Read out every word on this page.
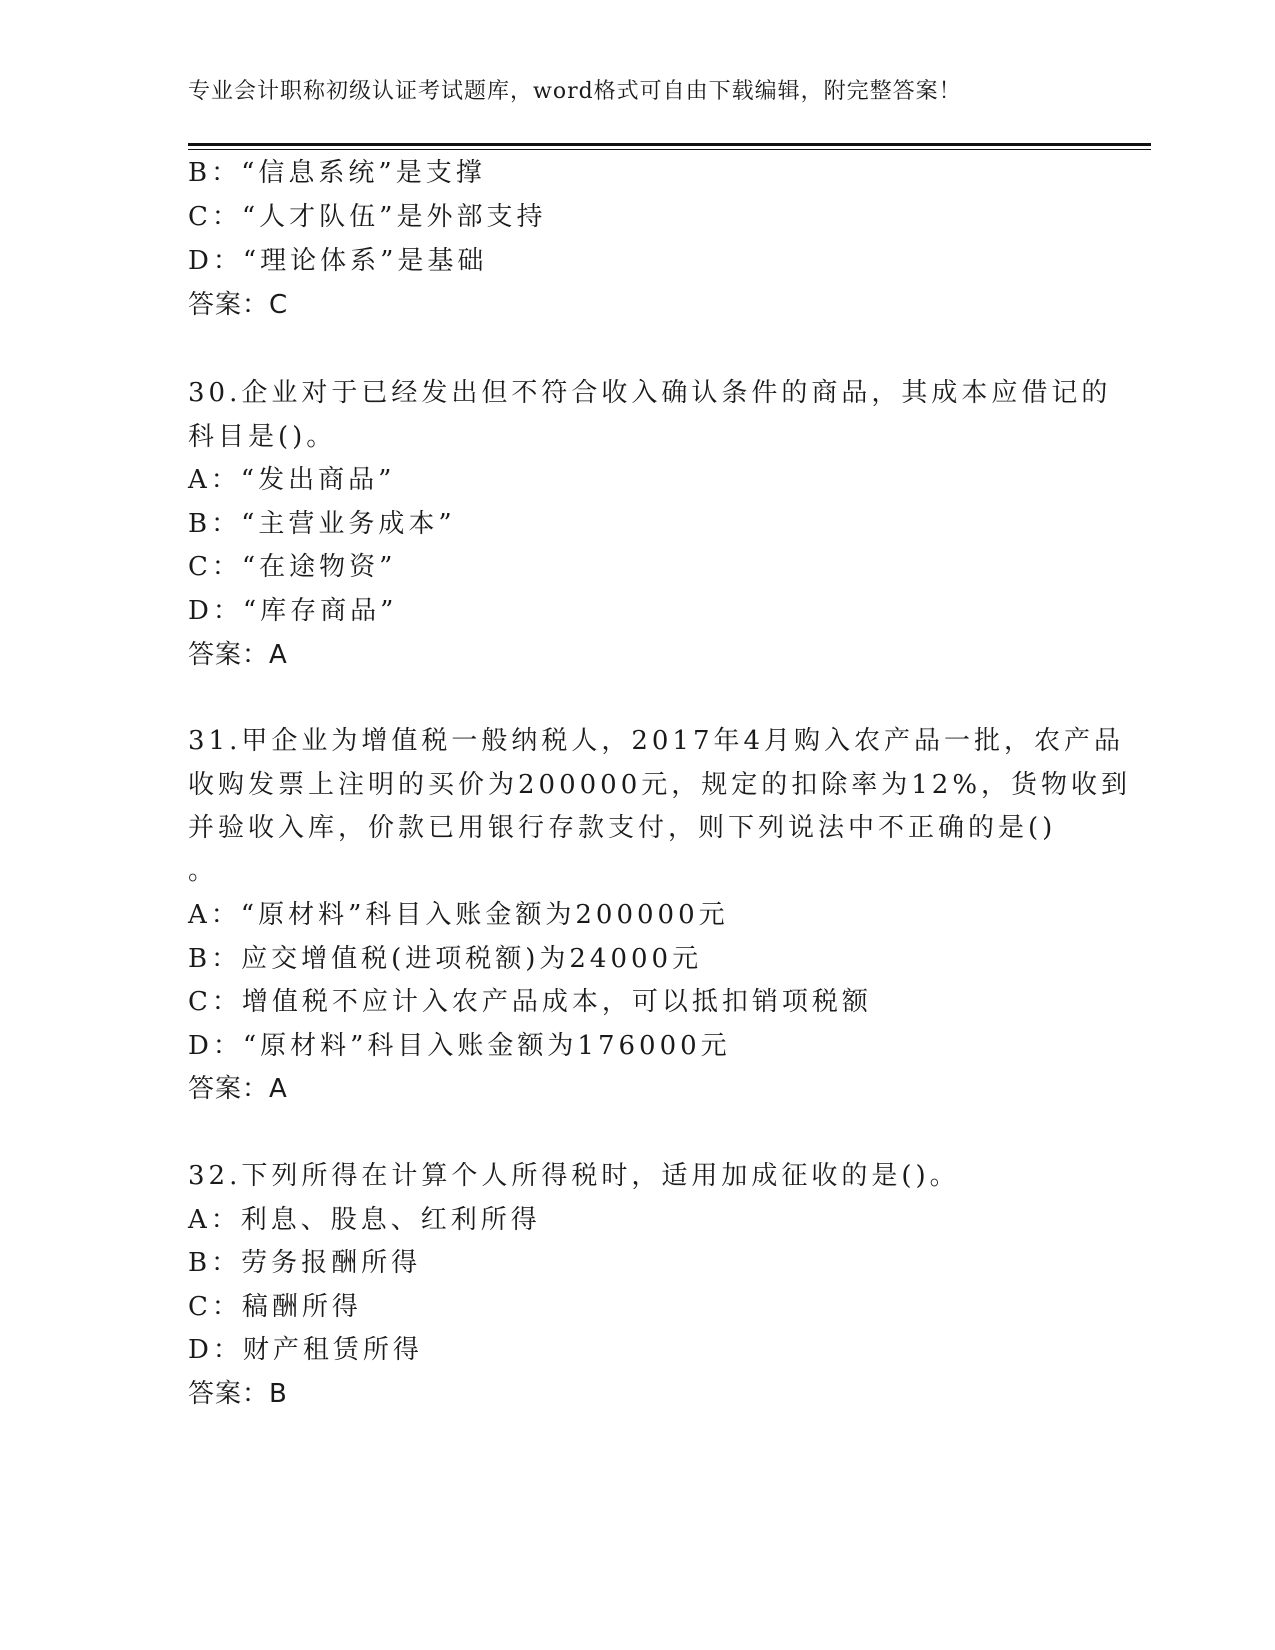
专业会计职称初级认证考试题库，word格式可自由下载编辑，附完整答案！
B：“信息系统”是支撑
C：“人才队伍”是外部支持
D：“理论体系”是基础
答案：C
30.企业对于已经发出但不符合收入确认条件的商品，其成本应借记的
科目是()。
A：“发出商品”
B：“主营业务成本”
C：“在途物资”
D：“库存商品”
答案：A
31.甲企业为增值税一般纳税人，2017年4月购入农产品一批，农产品
收购发票上注明的买价为200000元，规定的扣除率为12%，货物收到
并验收入库，价款已用银行存款支付，则下列说法中不正确的是()
。
A：“原材料”科目入账金额为200000元
B：应交增值税(进项税额)为24000元
C：增值税不应计入农产品成本，可以抵扣销项税额
D：“原材料”科目入账金额为176000元
答案：A
32.下列所得在计算个人所得税时，适用加成征收的是()。
A：利息、股息、红利所得
B：劳务报酬所得
C：稿酬所得
D：财产租赁所得
答案：B
